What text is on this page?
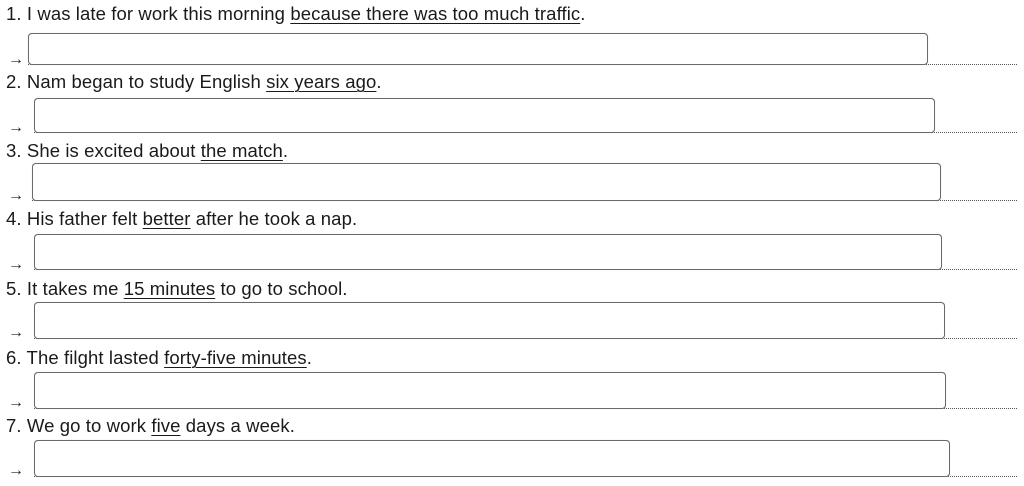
1. I was late for work this morning because there was too much traffic.
→
2. Nam began to study English six years ago.
→
3. She is excited about the match.
→
4. His father felt better after he took a nap.
→
5. It takes me 15 minutes to go to school.
→
6. The filght lasted forty-five minutes.
→
7. We go to work five days a week.
→
